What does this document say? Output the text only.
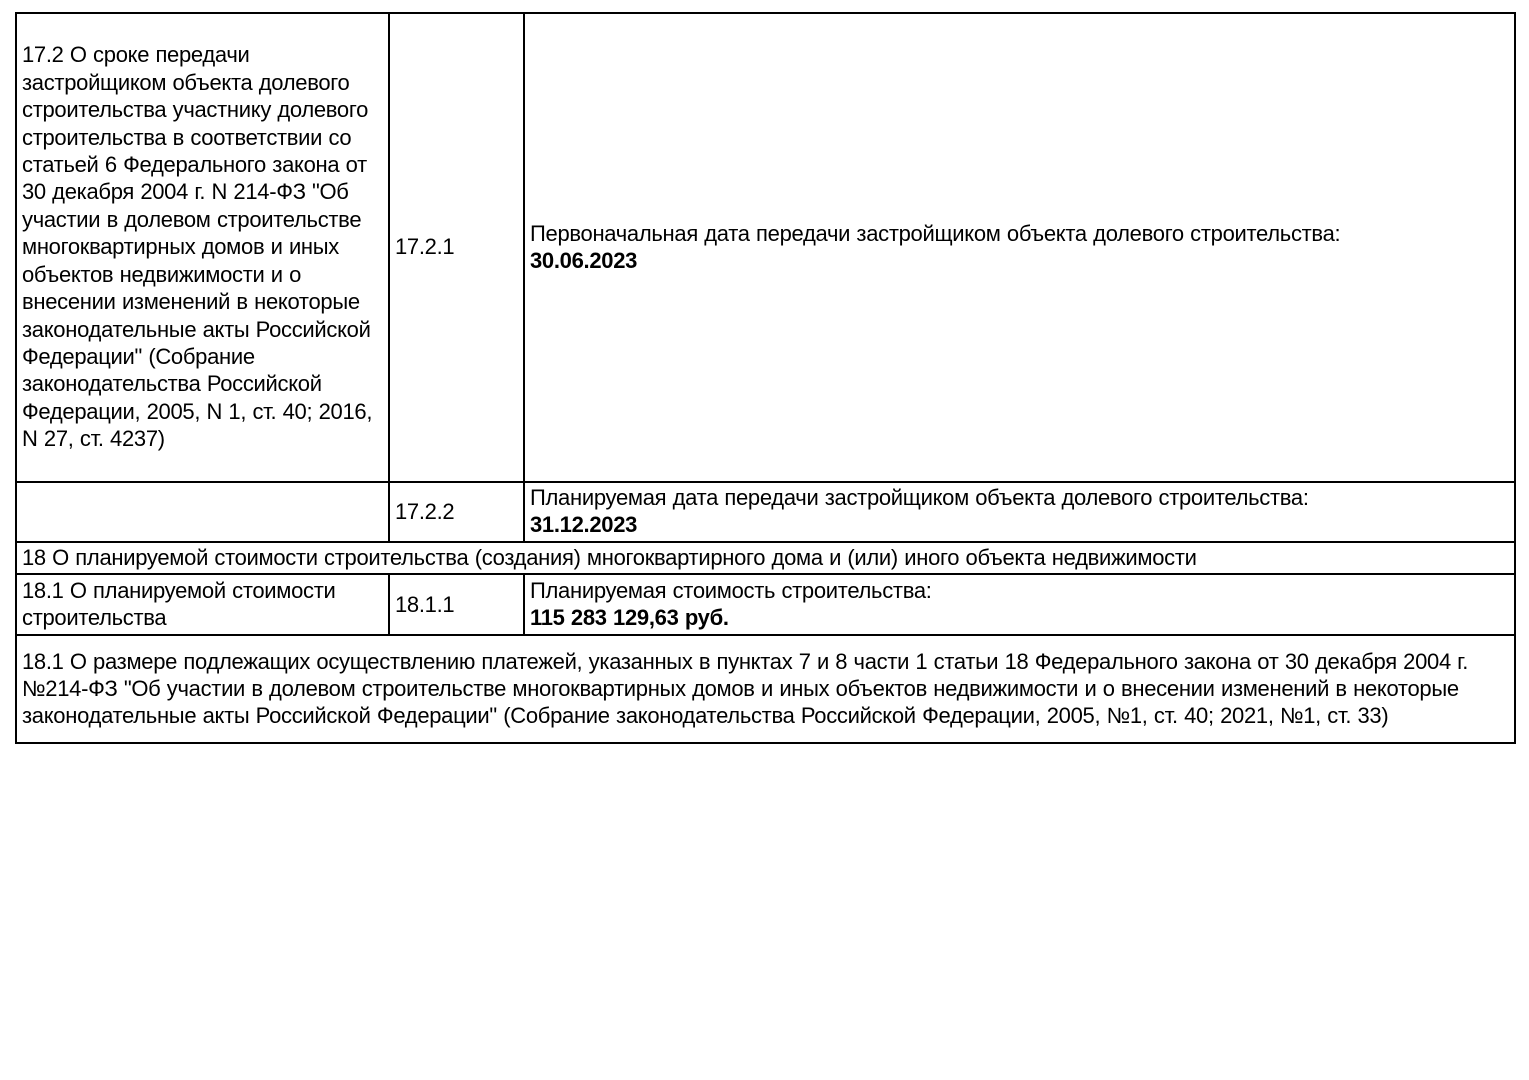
17.2 О сроке передачи застройщиком объекта долевого строительства участнику долевого строительства в соответствии со статьей 6 Федерального закона от 30 декабря 2004 г. N 214-ФЗ "Об участии в долевом строительстве многоквартирных домов и иных объектов недвижимости и о внесении изменений в некоторые законодательные акты Российской Федерации" (Собрание законодательства Российской Федерации, 2005, N 1, ст. 40; 2016, N 27, ст. 4237)	17.2.1	Первоначальная дата передачи застройщиком объекта долевого строительства:
30.06.2023

	17.2.2	Планируемая дата передачи застройщиком объекта долевого строительства:
31.12.2023

18 О планируемой стоимости строительства (создания) многоквартирного дома и (или) иного объекта недвижимости		
18.1 О планируемой стоимости строительства	18.1.1	Планируемая стоимость строительства:
115 283 129,63 руб.

18.1 О размере подлежащих осуществлению платежей, указанных в пунктах 7 и 8 части 1 статьи 18 Федерального закона от 30 декабря 2004 г. №214-ФЗ "Об участии в долевом строительстве многоквартирных домов и иных объектов недвижимости и о внесении изменений в некоторые законодательные акты Российской Федерации" (Собрание законодательства Российской Федерации, 2005, №1, ст. 40; 2021, №1, ст. 33)		
